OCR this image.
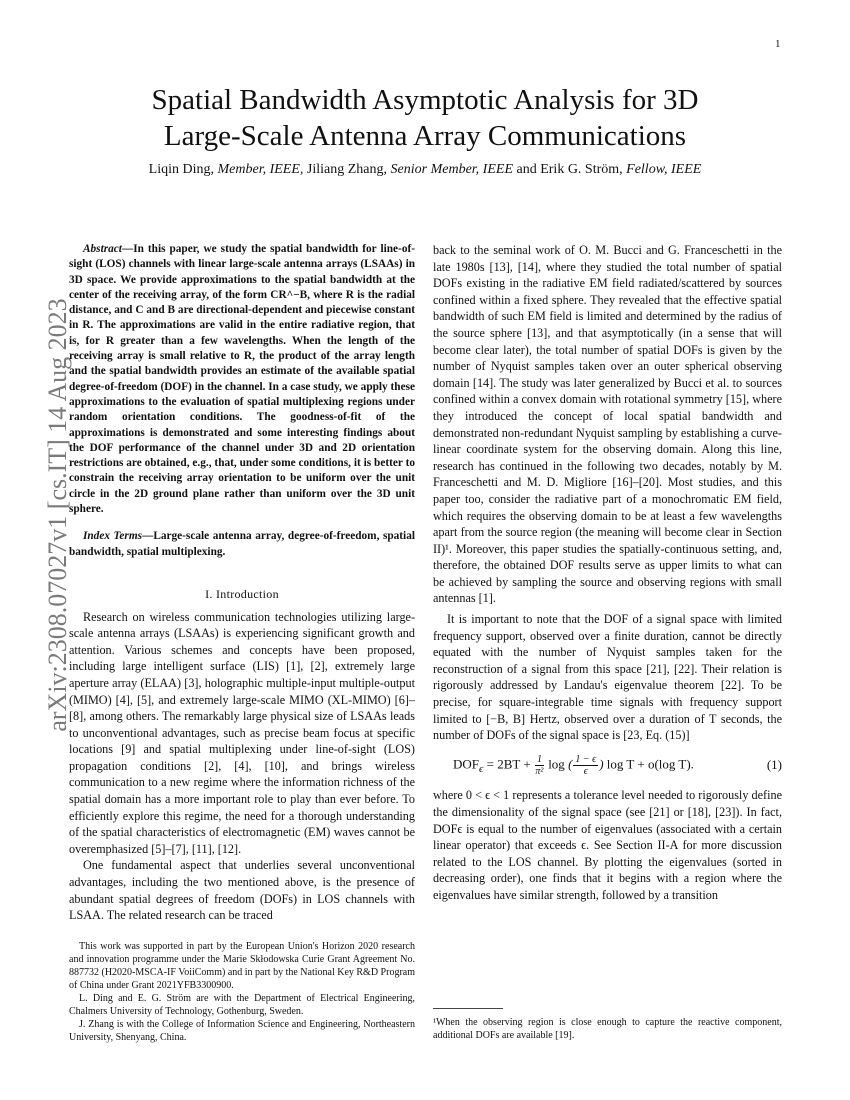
1
arXiv:2308.07027v1 [cs.IT] 14 Aug 2023
Spatial Bandwidth Asymptotic Analysis for 3D
Large-Scale Antenna Array Communications
Liqin Ding, Member, IEEE, Jiliang Zhang, Senior Member, IEEE and Erik G. Ström, Fellow, IEEE

Abstract—In this paper, we study the spatial bandwidth for line-of-sight (LOS) channels with linear large-scale antenna arrays (LSAAs) in 3D space. We provide approximations to the spatial bandwidth at the center of the receiving array, of the form CR^−B, where R is the radial distance, and C and B are directional-dependent and piecewise constant in R. The approximations are valid in the entire radiative region, that is, for R greater than a few wavelengths. When the length of the receiving array is small relative to R, the product of the array length and the spatial bandwidth provides an estimate of the available spatial degree-of-freedom (DOF) in the channel. In a case study, we apply these approximations to the evaluation of spatial multiplexing regions under random orientation conditions. The goodness-of-fit of the approximations is demonstrated and some interesting findings about the DOF performance of the channel under 3D and 2D orientation restrictions are obtained, e.g., that, under some conditions, it is better to constrain the receiving array orientation to be uniform over the unit circle in the 2D ground plane rather than uniform over the 3D unit sphere.

Index Terms—Large-scale antenna array, degree-of-freedom, spatial bandwidth, spatial multiplexing.

I. Introduction

Research on wireless communication technologies utilizing large-scale antenna arrays (LSAAs) is experiencing significant growth and attention. Various schemes and concepts have been proposed, including large intelligent surface (LIS) [1], [2], extremely large aperture array (ELAA) [3], holographic multiple-input multiple-output (MIMO) [4], [5], and extremely large-scale MIMO (XL-MIMO) [6]–[8], among others. The remarkably large physical size of LSAAs leads to unconventional advantages, such as precise beam focus at specific locations [9] and spatial multiplexing under line-of-sight (LOS) propagation conditions [2], [4], [10], and brings wireless communication to a new regime where the information richness of the spatial domain has a more important role to play than ever before. To efficiently explore this regime, the need for a thorough understanding of the spatial characteristics of electromagnetic (EM) waves cannot be overemphasized [5]–[7], [11], [12].

One fundamental aspect that underlies several unconventional advantages, including the two mentioned above, is the presence of abundant spatial degrees of freedom (DOFs) in LOS channels with LSAA. The related research can be traced

This work was supported in part by the European Union's Horizon 2020 research and innovation programme under the Marie Skłodowska Curie Grant Agreement No. 887732 (H2020-MSCA-IF VoiiComm) and in part by the National Key R&D Program of China under Grant 2021YFB3300900.

L. Ding and E. G. Ström are with the Department of Electrical Engineering, Chalmers University of Technology, Gothenburg, Sweden.

J. Zhang is with the College of Information Science and Engineering, Northeastern University, Shenyang, China.

back to the seminal work of O. M. Bucci and G. Franceschetti in the late 1980s [13], [14], where they studied the total number of spatial DOFs existing in the radiative EM field radiated/scattered by sources confined within a fixed sphere. They revealed that the effective spatial bandwidth of such EM field is limited and determined by the radius of the source sphere [13], and that asymptotically (in a sense that will become clear later), the total number of spatial DOFs is given by the number of Nyquist samples taken over an outer spherical observing domain [14]. The study was later generalized by Bucci et al. to sources confined within a convex domain with rotational symmetry [15], where they introduced the concept of local spatial bandwidth and demonstrated non-redundant Nyquist sampling by establishing a curve-linear coordinate system for the observing domain. Along this line, research has continued in the following two decades, notably by M. Franceschetti and M. D. Migliore [16]–[20]. Most studies, and this paper too, consider the radiative part of a monochromatic EM field, which requires the observing domain to be at least a few wavelengths apart from the source region (the meaning will become clear in Section II)¹. Moreover, this paper studies the spatially-continuous setting, and, therefore, the obtained DOF results serve as upper limits to what can be achieved by sampling the source and observing regions with small antennas [1].

It is important to note that the DOF of a signal space with limited frequency support, observed over a finite duration, cannot be directly equated with the number of Nyquist samples taken for the reconstruction of a signal from this space [21], [22]. Their relation is rigorously addressed by Landau's eigenvalue theorem [22]. To be precise, for square-integrable time signals with frequency support limited to [−B, B] Hertz, observed over a duration of T seconds, the number of DOFs of the signal space is [23, Eq. (15)]

$DOF_\epsilon = 2BT + \frac{1}{\text{π²}}$ log ( $\frac{1 - \epsilon}{\epsilon}$ ) log T + o(log T).	(1)

where 0 < ϵ < 1 represents a tolerance level needed to rigorously define the dimensionality of the signal space (see [21] or [18], [23]). In fact, DOFϵ is equal to the number of eigenvalues (associated with a certain linear operator) that exceeds ϵ. See Section II-A for more discussion related to the LOS channel. By plotting the eigenvalues (sorted in decreasing order), one finds that it begins with a region where the eigenvalues have similar strength, followed by a transition

¹When the observing region is close enough to capture the reactive component, additional DOFs are available [19].
